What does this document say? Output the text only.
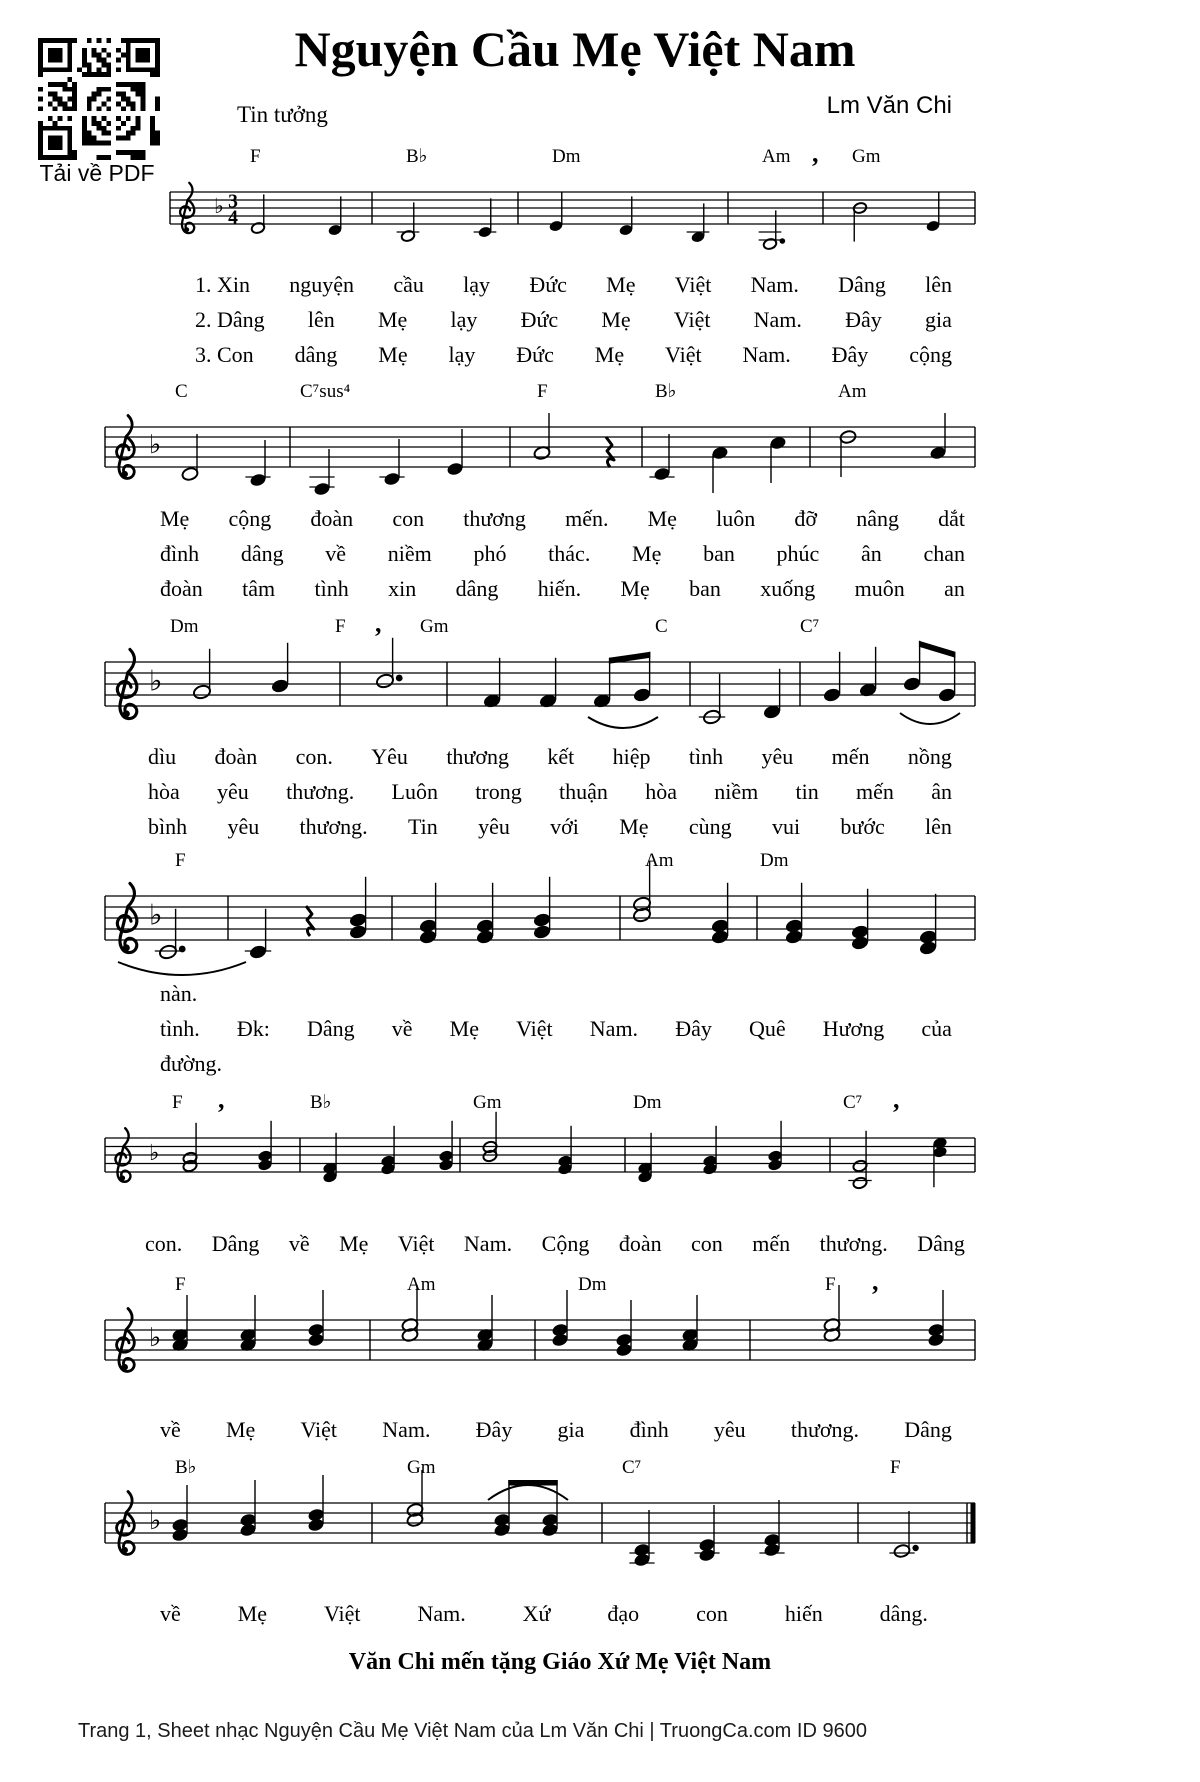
Tải về PDF
Nguyện Cầu Mẹ Việt Nam
Tin tưởng	Lm Văn Chi
♭ 3
4
F	B♭	Dm	Am , Gm
♭
C	C⁷sus⁴	F	B♭	Am
♭
Dm	F , Gm	C	C⁷
♭
F	Am	Dm
♭
F ,	B♭	Gm	Dm	C⁷ ,
♭
F	Am	Dm	F ,
♭
B♭	Gm	C⁷	F
1. Xin nguyện cầu lạy Đức Mẹ Việt Nam. Dâng lên
2. Dâng lên Mẹ lạy Đức Mẹ Việt Nam. Đây gia
3. Con dâng Mẹ lạy Đức Mẹ Việt Nam. Đây cộng
Mẹ cộng đoàn con thương mến. Mẹ luôn đỡ nâng dắt
đình dâng về niềm phó thác. Mẹ ban phúc ân chan
đoàn tâm tình xin dâng hiến. Mẹ ban xuống muôn an
dìu đoàn con. Yêu thương kết hiệp tình yêu mến nồng
hòa yêu thương. Luôn trong thuận hòa niềm tin mến ân
bình yêu thương. Tin yêu với Mẹ cùng vui bước lên
nàn.
tình. Đk: Dâng về Mẹ Việt Nam. Đây Quê Hương của
đường.
con. Dâng về Mẹ Việt Nam. Cộng đoàn con mến thương. Dâng
về Mẹ Việt Nam. Đây gia đình yêu thương. Dâng
về	Mẹ	Việt	Nam.	Xứ	đạo	con	hiến	dâng.
Văn Chi mến tặng Giáo Xứ Mẹ Việt Nam
Trang 1, Sheet nhạc Nguyện Cầu Mẹ Việt Nam của Lm Văn Chi | TruongCa.com ID 9600
